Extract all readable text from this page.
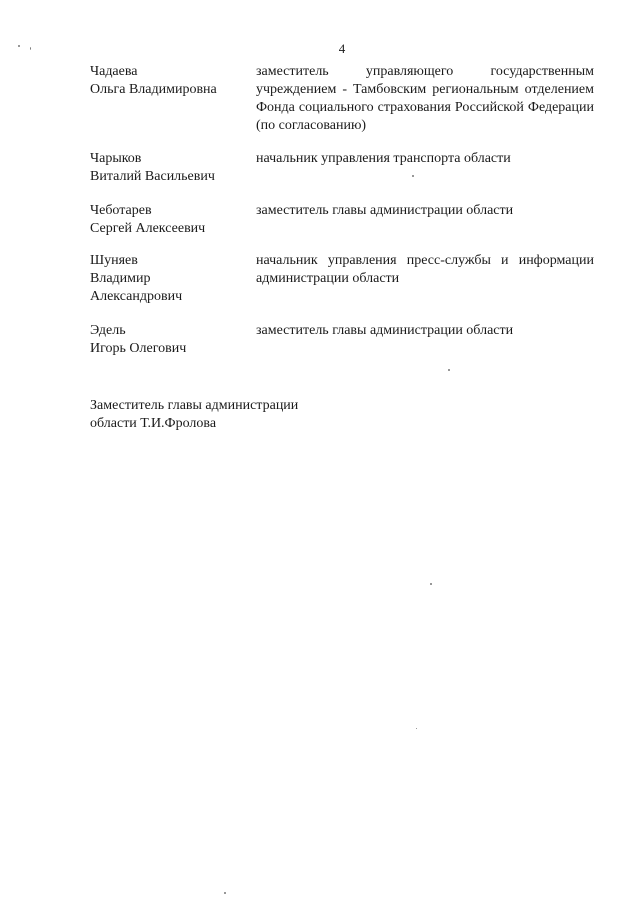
4
Чадаева
Ольга Владимировна
заместитель управляющего государственным учреждением - Тамбовским региональным отделением Фонда социального страхования Российской Федерации (по согласованию)
Чарыков
Виталий Васильевич
начальник управления транспорта области
Чеботарев
Сергей Алексеевич
заместитель главы администрации области
Шуняев
Владимир
Александрович
начальник управления пресс-службы и информации администрации области
Эдель
Игорь Олегович
заместитель главы администрации области
Заместитель главы администрации
области Т.И.Фролова
